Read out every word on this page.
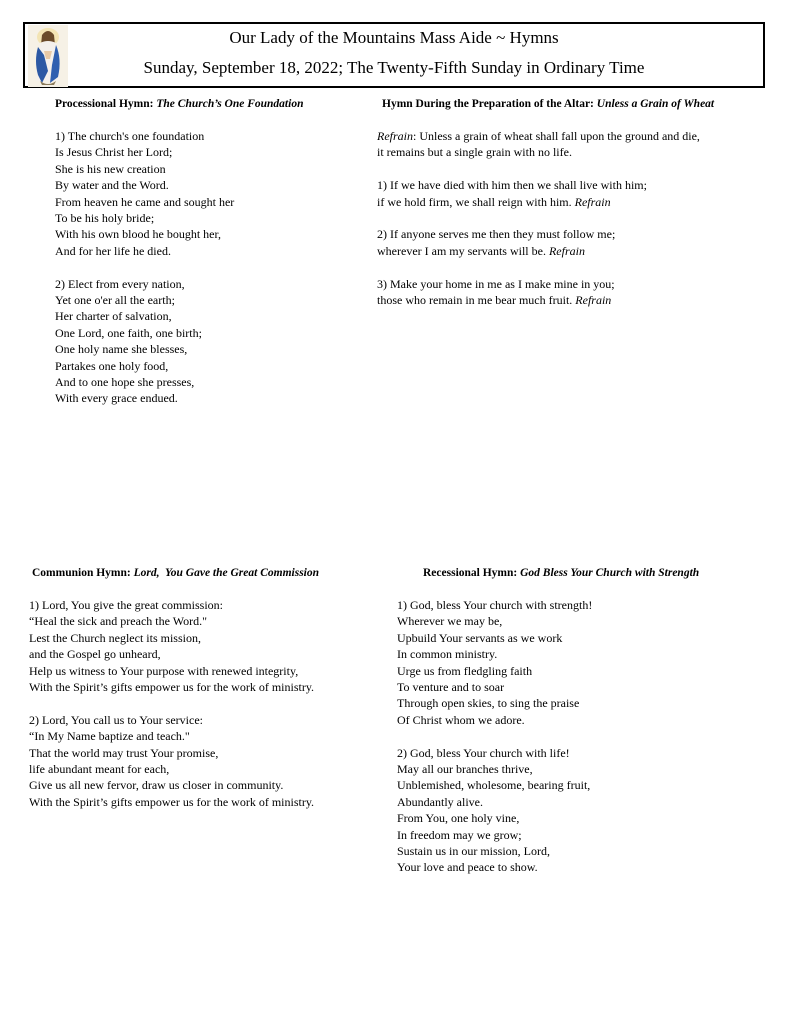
Our Lady of the Mountains Mass Aide ~ Hymns
Sunday, September 18, 2022; The Twenty-Fifth Sunday in Ordinary Time
Processional Hymn: The Church’s One Foundation
1) The church's one foundation
Is Jesus Christ her Lord;
She is his new creation
By water and the Word.
From heaven he came and sought her
To be his holy bride;
With his own blood he bought her,
And for her life he died.
2) Elect from every nation,
Yet one o'er all the earth;
Her charter of salvation,
One Lord, one faith, one birth;
One holy name she blesses,
Partakes one holy food,
And to one hope she presses,
With every grace endued.
Hymn During the Preparation of the Altar: Unless a Grain of Wheat
Refrain: Unless a grain of wheat shall fall upon the ground and die,
it remains but a single grain with no life.
1) If we have died with him then we shall live with him;
if we hold firm, we shall reign with him. Refrain
2) If anyone serves me then they must follow me;
wherever I am my servants will be. Refrain
3) Make your home in me as I make mine in you;
those who remain in me bear much fruit. Refrain
Communion Hymn: Lord,  You Gave the Great Commission
1) Lord, You give the great commission:
“Heal the sick and preach the Word."
Lest the Church neglect its mission,
and the Gospel go unheard,
Help us witness to Your purpose with renewed integrity,
With the Spirit’s gifts empower us for the work of ministry.
2) Lord, You call us to Your service:
“In My Name baptize and teach."
That the world may trust Your promise,
life abundant meant for each,
Give us all new fervor, draw us closer in community.
With the Spirit’s gifts empower us for the work of ministry.
Recessional Hymn: God Bless Your Church with Strength
1) God, bless Your church with strength!
Wherever we may be,
Upbuild Your servants as we work
In common ministry.
Urge us from fledgling faith
To venture and to soar
Through open skies, to sing the praise
Of Christ whom we adore.
2) God, bless Your church with life!
May all our branches thrive,
Unblemished, wholesome, bearing fruit,
Abundantly alive.
From You, one holy vine,
In freedom may we grow;
Sustain us in our mission, Lord,
Your love and peace to show.
